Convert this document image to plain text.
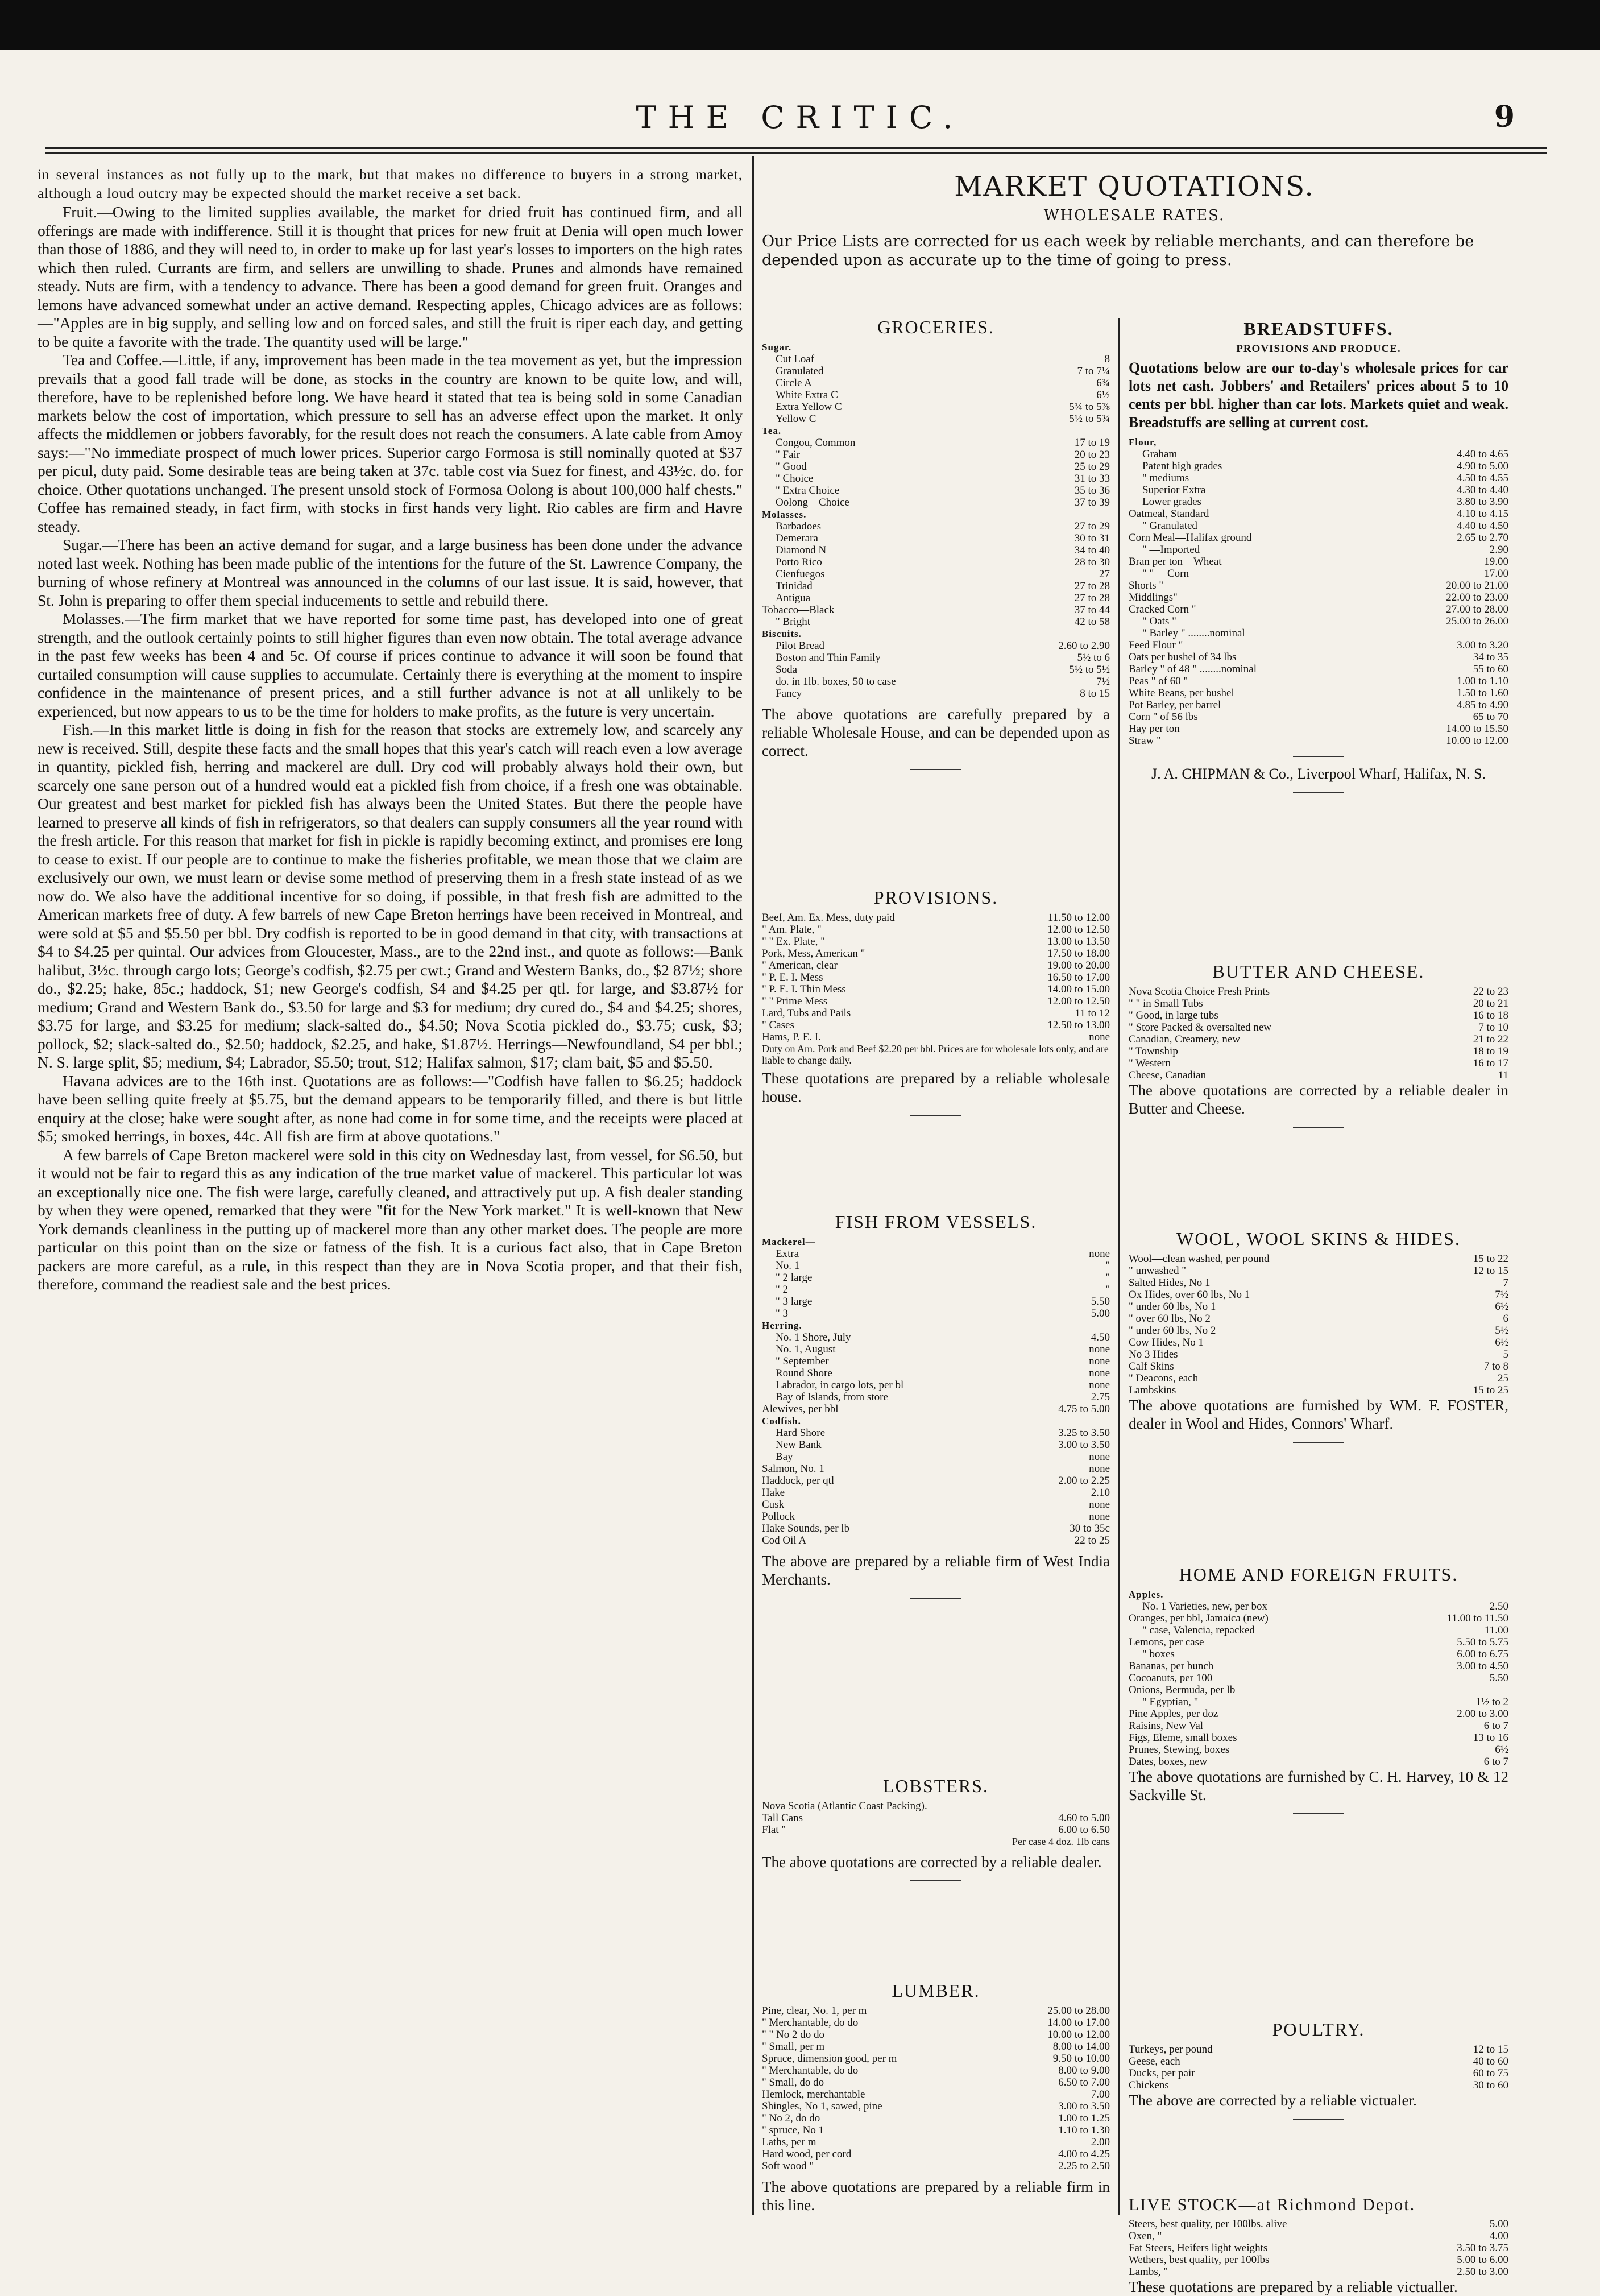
THE CRITIC.	9

in several instances as not fully up to the mark, but that makes no difference to buyers in a strong market, although a loud outcry may be expected should the market receive a set back.

Fruit.—Owing to the limited supplies available, the market for dried fruit has continued firm, and all offerings are made with indifference. Still it is thought that prices for new fruit at Denia will open much lower than those of 1886, and they will need to, in order to make up for last year's losses to importers on the high rates which then ruled. Currants are firm, and sellers are unwilling to shade. Prunes and almonds have remained steady. Nuts are firm, with a tendency to advance. There has been a good demand for green fruit. Oranges and lemons have advanced somewhat under an active demand. Respecting apples, Chicago advices are as follows: —"Apples are in big supply, and selling low and on forced sales, and still the fruit is riper each day, and getting to be quite a favorite with the trade. The quantity used will be large."

Tea and Coffee.—Little, if any, improvement has been made in the tea movement as yet, but the impression prevails that a good fall trade will be done, as stocks in the country are known to be quite low, and will, therefore, have to be replenished before long. We have heard it stated that tea is being sold in some Canadian markets below the cost of importation, which pressure to sell has an adverse effect upon the market. It only affects the middlemen or jobbers favorably, for the result does not reach the consumers. A late cable from Amoy says:—"No immediate prospect of much lower prices. Superior cargo Formosa is still nominally quoted at $37 per picul, duty paid. Some desirable teas are being taken at 37c. table cost via Suez for finest, and 43½c. do. for choice. Other quotations unchanged. The present unsold stock of Formosa Oolong is about 100,000 half chests." Coffee has remained steady, in fact firm, with stocks in first hands very light. Rio cables are firm and Havre steady.

Sugar.—There has been an active demand for sugar, and a large business has been done under the advance noted last week. Nothing has been made public of the intentions for the future of the St. Lawrence Company, the burning of whose refinery at Montreal was announced in the columns of our last issue. It is said, however, that St. John is preparing to offer them special inducements to settle and rebuild there.

Molasses.—The firm market that we have reported for some time past, has developed into one of great strength, and the outlook certainly points to still higher figures than even now obtain. The total average advance in the past few weeks has been 4 and 5c. Of course if prices continue to advance it will soon be found that curtailed consumption will cause supplies to accumulate. Certainly there is everything at the moment to inspire confidence in the maintenance of present prices, and a still further advance is not at all unlikely to be experienced, but now appears to us to be the time for holders to make profits, as the future is very uncertain.

Fish.—In this market little is doing in fish for the reason that stocks are extremely low, and scarcely any new is received. Still, despite these facts and the small hopes that this year's catch will reach even a low average in quantity, pickled fish, herring and mackerel are dull. Dry cod will probably always hold their own, but scarcely one sane person out of a hundred would eat a pickled fish from choice, if a fresh one was obtainable. Our greatest and best market for pickled fish has always been the United States. But there the people have learned to preserve all kinds of fish in refrigerators, so that dealers can supply consumers all the year round with the fresh article. For this reason that market for fish in pickle is rapidly becoming extinct, and promises ere long to cease to exist. If our people are to continue to make the fisheries profitable, we mean those that we claim are exclusively our own, we must learn or devise some method of preserving them in a fresh state instead of as we now do. We also have the additional incentive for so doing, if possible, in that fresh fish are admitted to the American markets free of duty. A few barrels of new Cape Breton herrings have been received in Montreal, and were sold at $5 and $5.50 per bbl. Dry codfish is reported to be in good demand in that city, with transactions at $4 to $4.25 per quintal. Our advices from Gloucester, Mass., are to the 22nd inst., and quote as follows:—Bank halibut, 3½c. through cargo lots; George's codfish, $2.75 per cwt.; Grand and Western Banks, do., $2 87½; shore do., $2.25; hake, 85c.; haddock, $1; new George's codfish, $4 and $4.25 per qtl. for large, and $3.87½ for medium; Grand and Western Bank do., $3.50 for large and $3 for medium; dry cured do., $4 and $4.25; shores, $3.75 for large, and $3.25 for medium; slack-salted do., $4.50; Nova Scotia pickled do., $3.75; cusk, $3; pollock, $2; slack-salted do., $2.50; haddock, $2.25, and hake, $1.87½. Herrings—Newfoundland, $4 per bbl.; N. S. large split, $5; medium, $4; Labrador, $5.50; trout, $12; Halifax salmon, $17; clam bait, $5 and $5.50.

Havana advices are to the 16th inst. Quotations are as follows:—"Codfish have fallen to $6.25; haddock have been selling quite freely at $5.75, but the demand appears to be temporarily filled, and there is but little enquiry at the close; hake were sought after, as none had come in for some time, and the receipts were placed at $5; smoked herrings, in boxes, 44c. All fish are firm at above quotations."

A few barrels of Cape Breton mackerel were sold in this city on Wednesday last, from vessel, for $6.50, but it would not be fair to regard this as any indication of the true market value of mackerel. This particular lot was an exceptionally nice one. The fish were large, carefully cleaned, and attractively put up. A fish dealer standing by when they were opened, remarked that they were "fit for the New York market." It is well-known that New York demands cleanliness in the putting up of mackerel more than any other market does. The people are more particular on this point than on the size or fatness of the fish. It is a curious fact also, that in Cape Breton packers are more careful, as a rule, in this respect than they are in Nova Scotia proper, and that their fish, therefore, command the readiest sale and the best prices.

MARKET QUOTATIONS.
WHOLESALE RATES.
Our Price Lists are corrected for us each week by reliable merchants, and can therefore be depended upon as accurate up to the time of going to press.
GROCERIES.
Sugar.	
Cut Loaf	8
Granulated	7 to 7¼
Circle A	6¾
White Extra C	6½
Extra Yellow C	5¾ to 5⅞
Yellow C	5½ to 5¾
Tea.	
Congou, Common	17 to 19
" Fair	20 to 23
" Good	25 to 29
" Choice	31 to 33
" Extra Choice	35 to 36
Oolong—Choice	37 to 39
Molasses.	
Barbadoes	27 to 29
Demerara	30 to 31
Diamond N	34 to 40
Porto Rico	28 to 30
Cienfuegos	27
Trinidad	27 to 28
Antigua	27 to 28
Tobacco—Black	37 to 44
" Bright	42 to 58
Biscuits.	
Pilot Bread	2.60 to 2.90
Boston and Thin Family	5½ to 6
Soda	5½ to 5½
do. in 1lb. boxes, 50 to case	7½
Fancy	8 to 15
The above quotations are carefully prepared by a reliable Wholesale House, and can be depended upon as correct.
PROVISIONS.
Beef, Am. Ex. Mess, duty paid	11.50 to 12.00
" Am. Plate, "	12.00 to 12.50
" " Ex. Plate, "	13.00 to 13.50
Pork, Mess, American "	17.50 to 18.00
" American, clear	19.00 to 20.00
" P. E. I. Mess	16.50 to 17.00
" P. E. I. Thin Mess	14.00 to 15.00
" " Prime Mess	12.00 to 12.50
Lard, Tubs and Pails	11 to 12
" Cases	12.50 to 13.00
Hams, P. E. I.	none
Duty on Am. Pork and Beef $2.20 per bbl. Prices are for wholesale lots only, and are liable to change daily.
These quotations are prepared by a reliable wholesale house.
FISH FROM VESSELS.
Mackerel—	
Extra	none
No. 1	"
" 2 large	"
" 2	"
" 3 large	5.50
" 3	5.00
Herring.	
No. 1 Shore, July	4.50
No. 1, August	none
" September	none
Round Shore	none
Labrador, in cargo lots, per bl	none
Bay of Islands, from store	2.75
Alewives, per bbl	4.75 to 5.00
Codfish.	
Hard Shore	3.25 to 3.50
New Bank	3.00 to 3.50
Bay	none
Salmon, No. 1	none
Haddock, per qtl	2.00 to 2.25
Hake	2.10
Cusk	none
Pollock	none
Hake Sounds, per lb	30 to 35c
Cod Oil A	22 to 25
The above are prepared by a reliable firm of West India Merchants.
LOBSTERS.
Nova Scotia (Atlantic Coast Packing).	
Tall Cans	4.60 to 5.00
Flat "	6.00 to 6.50
Per case 4 doz. 1lb cans
The above quotations are corrected by a reliable dealer.
LUMBER.
Pine, clear, No. 1, per m	25.00 to 28.00
" Merchantable, do do	14.00 to 17.00
" " No 2 do do	10.00 to 12.00
" Small, per m	8.00 to 14.00
Spruce, dimension good, per m	9.50 to 10.00
" Merchantable, do do	8.00 to 9.00
" Small, do do	6.50 to 7.00
Hemlock, merchantable	7.00
Shingles, No 1, sawed, pine	3.00 to 3.50
" No 2, do do	1.00 to 1.25
" spruce, No 1	1.10 to 1.30
Laths, per m	2.00
Hard wood, per cord	4.00 to 4.25
Soft wood "	2.25 to 2.50
The above quotations are prepared by a reliable firm in this line.
BREADSTUFFS.
PROVISIONS AND PRODUCE.
Quotations below are our to-day's wholesale prices for car lots net cash. Jobbers' and Retailers' prices about 5 to 10 cents per bbl. higher than car lots. Markets quiet and weak. Breadstuffs are selling at current cost.
Flour,	
Graham	4.40 to 4.65
Patent high grades	4.90 to 5.00
" mediums	4.50 to 4.55
Superior Extra	4.30 to 4.40
Lower grades	3.80 to 3.90
Oatmeal, Standard	4.10 to 4.15
" Granulated	4.40 to 4.50
Corn Meal—Halifax ground	2.65 to 2.70
" —Imported	2.90
Bran per ton—Wheat	19.00
" " —Corn	17.00
Shorts "	20.00 to 21.00
Middlings"	22.00 to 23.00
Cracked Corn "	27.00 to 28.00
" Oats "	25.00 to 26.00
" Barley " ........nominal	
Feed Flour "	3.00 to 3.20
Oats per bushel of 34 lbs	34 to 35
Barley " of 48 " ........nominal	55 to 60
Peas " of 60 "	1.00 to 1.10
White Beans, per bushel	1.50 to 1.60
Pot Barley, per barrel	4.85 to 4.90
Corn " of 56 lbs	65 to 70
Hay per ton	14.00 to 15.50
Straw "	10.00 to 12.00
J. A. CHIPMAN & Co., Liverpool Wharf, Halifax, N. S.
BUTTER AND CHEESE.
Nova Scotia Choice Fresh Prints	22 to 23
" " in Small Tubs	20 to 21
" Good, in large tubs	16 to 18
" Store Packed & oversalted new	7 to 10
Canadian, Creamery, new	21 to 22
" Township	18 to 19
" Western	16 to 17
Cheese, Canadian	11
The above quotations are corrected by a reliable dealer in Butter and Cheese.
WOOL, WOOL SKINS & HIDES.
Wool—clean washed, per pound	15 to 22
" unwashed "	12 to 15
Salted Hides, No 1	7
Ox Hides, over 60 lbs, No 1	7½
" under 60 lbs, No 1	6½
" over 60 lbs, No 2	6
" under 60 lbs, No 2	5½
Cow Hides, No 1	6½
No 3 Hides	5
Calf Skins	7 to 8
" Deacons, each	25
Lambskins	15 to 25
The above quotations are furnished by WM. F. FOSTER, dealer in Wool and Hides, Connors' Wharf.
HOME AND FOREIGN FRUITS.
Apples.	
No. 1 Varieties, new, per box	2.50
Oranges, per bbl, Jamaica (new)	11.00 to 11.50
" case, Valencia, repacked	11.00
Lemons, per case	5.50 to 5.75
" boxes	6.00 to 6.75
Bananas, per bunch	3.00 to 4.50
Cocoanuts, per 100	5.50
Onions, Bermuda, per lb	
" Egyptian, "	1½ to 2
Pine Apples, per doz	2.00 to 3.00
Raisins, New Val	6 to 7
Figs, Eleme, small boxes	13 to 16
Prunes, Stewing, boxes	6½
Dates, boxes, new	6 to 7
The above quotations are furnished by C. H. Harvey, 10 & 12 Sackville St.
POULTRY.
Turkeys, per pound	12 to 15
Geese, each	40 to 60
Ducks, per pair	60 to 75
Chickens	30 to 60
The above are corrected by a reliable victualer.
LIVE STOCK—at Richmond Depot.
Steers, best quality, per 100lbs. alive	5.00
Oxen, "	4.00
Fat Steers, Heifers light weights	3.50 to 3.75
Wethers, best quality, per 100lbs	5.00 to 6.00
Lambs, "	2.50 to 3.00
These quotations are prepared by a reliable victualler.
